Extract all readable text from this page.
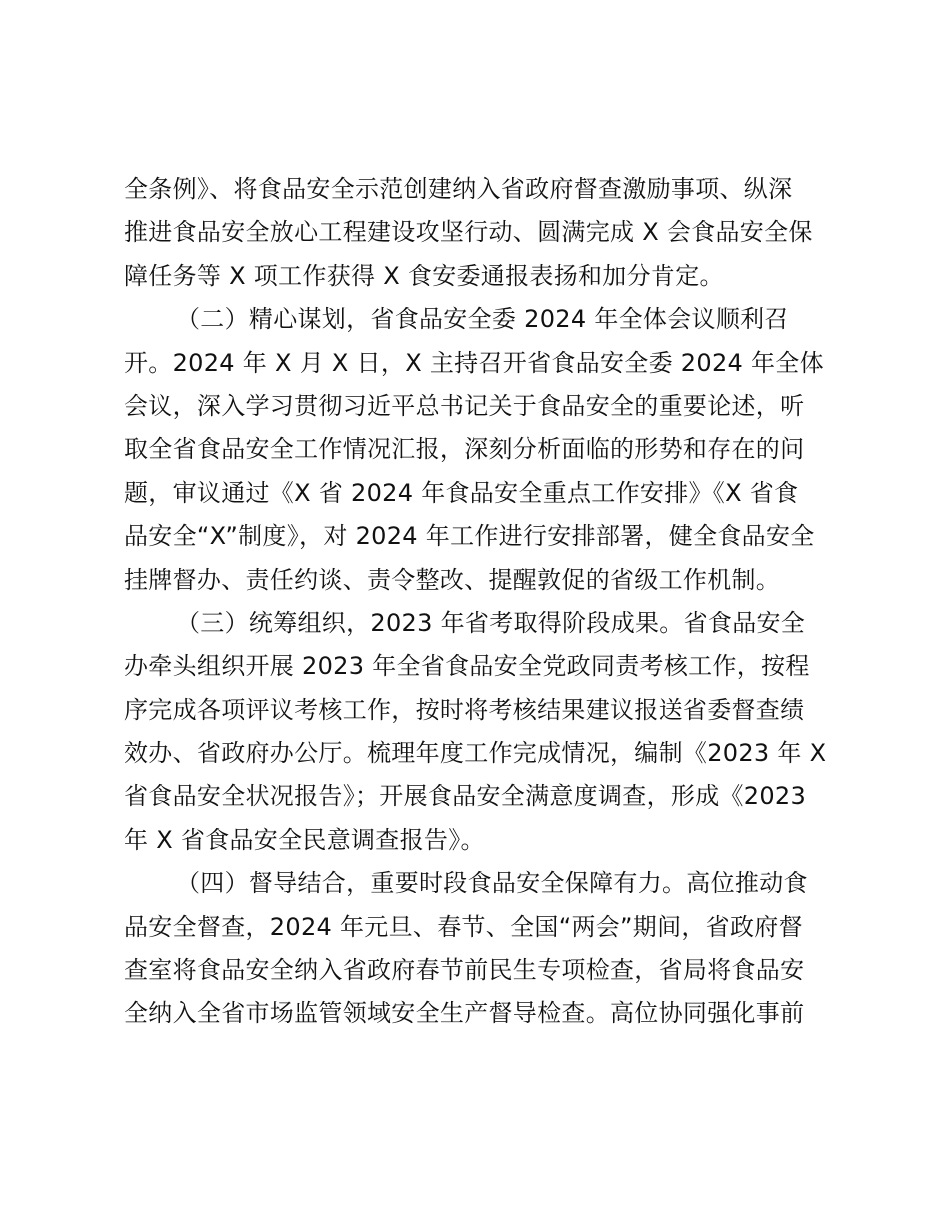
全条例》、将食品安全示范创建纳入省政府督查激励事项、纵深
推进食品安全放心工程建设攻坚行动、圆满完成 X 会食品安全保
障任务等 X 项工作获得 X 食安委通报表扬和加分肯定。
（二）精心谋划，省食品安全委 2024 年全体会议顺利召
开。2024 年 X 月 X 日，X 主持召开省食品安全委 2024 年全体
会议，深入学习贯彻习近平总书记关于食品安全的重要论述，听
取全省食品安全工作情况汇报，深刻分析面临的形势和存在的问
题，审议通过《X 省 2024 年食品安全重点工作安排》《X 省食
品安全“X”制度》，对 2024 年工作进行安排部署，健全食品安全
挂牌督办、责任约谈、责令整改、提醒敦促的省级工作机制。
（三）统筹组织，2023 年省考取得阶段成果。省食品安全
办牵头组织开展 2023 年全省食品安全党政同责考核工作，按程
序完成各项评议考核工作，按时将考核结果建议报送省委督查绩
效办、省政府办公厅。梳理年度工作完成情况，编制《2023 年 X
省食品安全状况报告》；开展食品安全满意度调查，形成《2023
年 X 省食品安全民意调查报告》。
（四）督导结合，重要时段食品安全保障有力。高位推动食
品安全督查，2024 年元旦、春节、全国“两会”期间，省政府督
查室将食品安全纳入省政府春节前民生专项检查，省局将食品安
全纳入全省市场监管领域安全生产督导检查。高位协同强化事前
